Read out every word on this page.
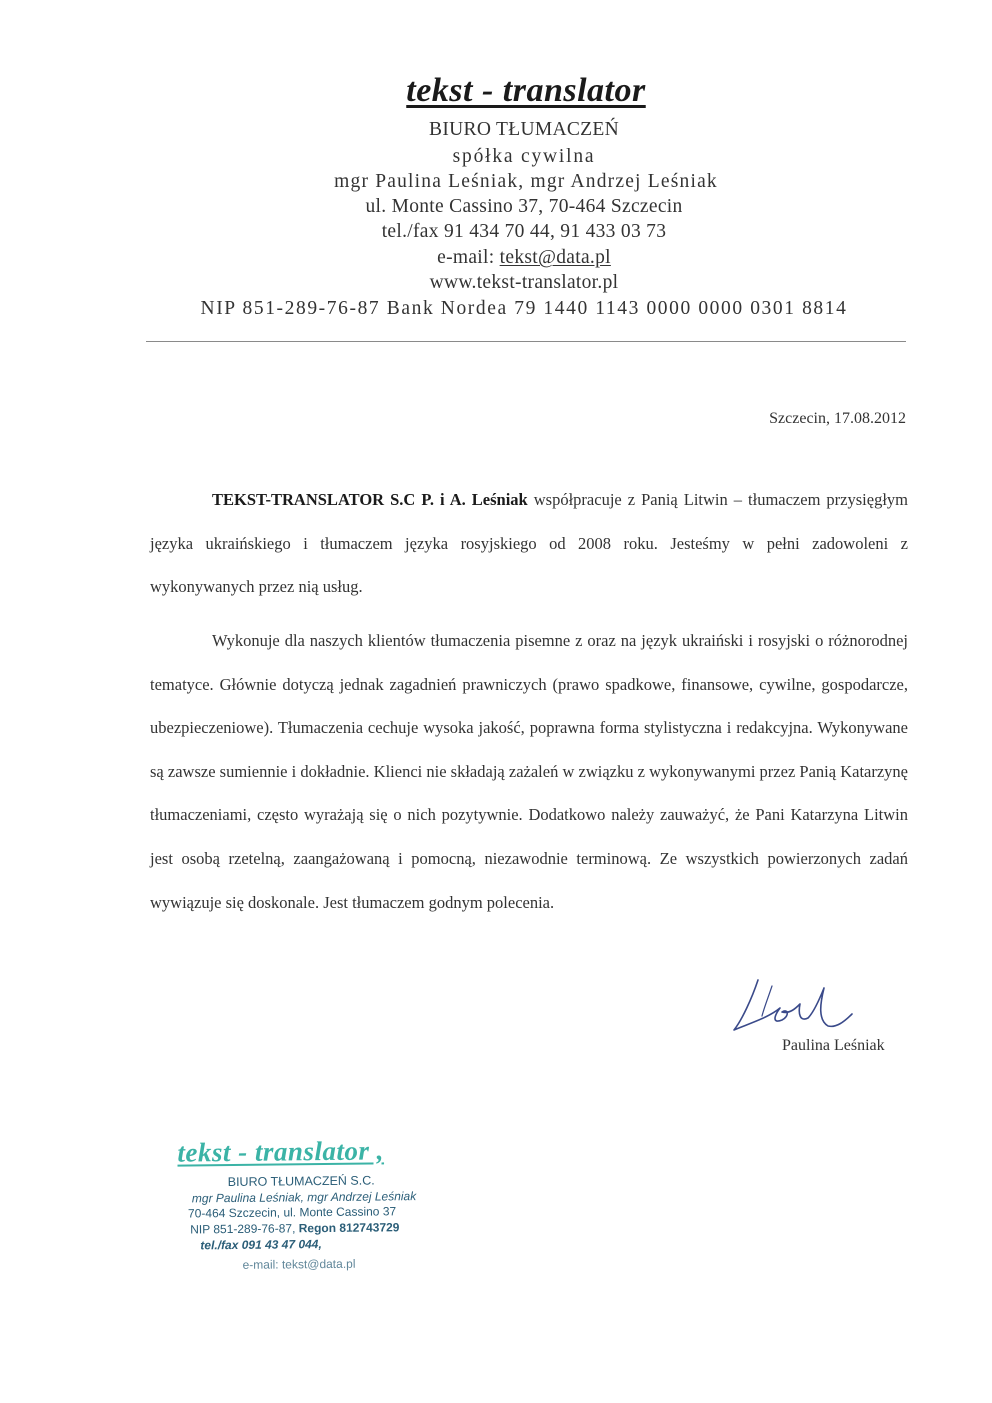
tekst - translator
BIURO TŁUMACZEŃ
spółka cywilna
mgr Paulina Leśniak, mgr Andrzej Leśniak
ul. Monte Cassino 37, 70-464 Szczecin
tel./fax 91 434 70 44, 91 433 03 73
e-mail: tekst@data.pl
www.tekst-translator.pl
NIP 851-289-76-87 Bank Nordea 79 1440 1143 0000 0000 0301 8814
Szczecin, 17.08.2012
TEKST-TRANSLATOR S.C P. i A. Leśniak współpracuje z Panią Litwin – tłumaczem przysięgłym języka ukraińskiego i tłumaczem języka rosyjskiego od 2008 roku. Jesteśmy w pełni zadowoleni z wykonywanych przez nią usług.
Wykonuje dla naszych klientów tłumaczenia pisemne z oraz na język ukraiński i rosyjski o różnorodnej tematyce. Głównie dotyczą jednak zagadnień prawniczych (prawo spadkowe, finansowe, cywilne, gospodarcze, ubezpieczeniowe). Tłumaczenia cechuje wysoka jakość, poprawna forma stylistyczna i redakcyjna. Wykonywane są zawsze sumiennie i dokładnie. Klienci nie składają zażaleń w związku z wykonywanymi przez Panią Katarzynę tłumaczeniami, często wyrażają się o nich pozytywnie. Dodatkowo należy zauważyć, że Pani Katarzyna Litwin jest osobą rzetelną, zaangażowaną i pomocną, niezawodnie terminową. Ze wszystkich powierzonych zadań wywiązuje się doskonale. Jest tłumaczem godnym polecenia.
Paulina Leśniak
tekst - translator ,
BIURO TŁUMACZEŃ S.C.
mgr Paulina Leśniak, mgr Andrzej Leśniak
70-464 Szczecin, ul. Monte Cassino 37
NIP 851-289-76-87, Regon 812743729
tel./fax 091 43 47 044,
e-mail: tekst@data.pl
